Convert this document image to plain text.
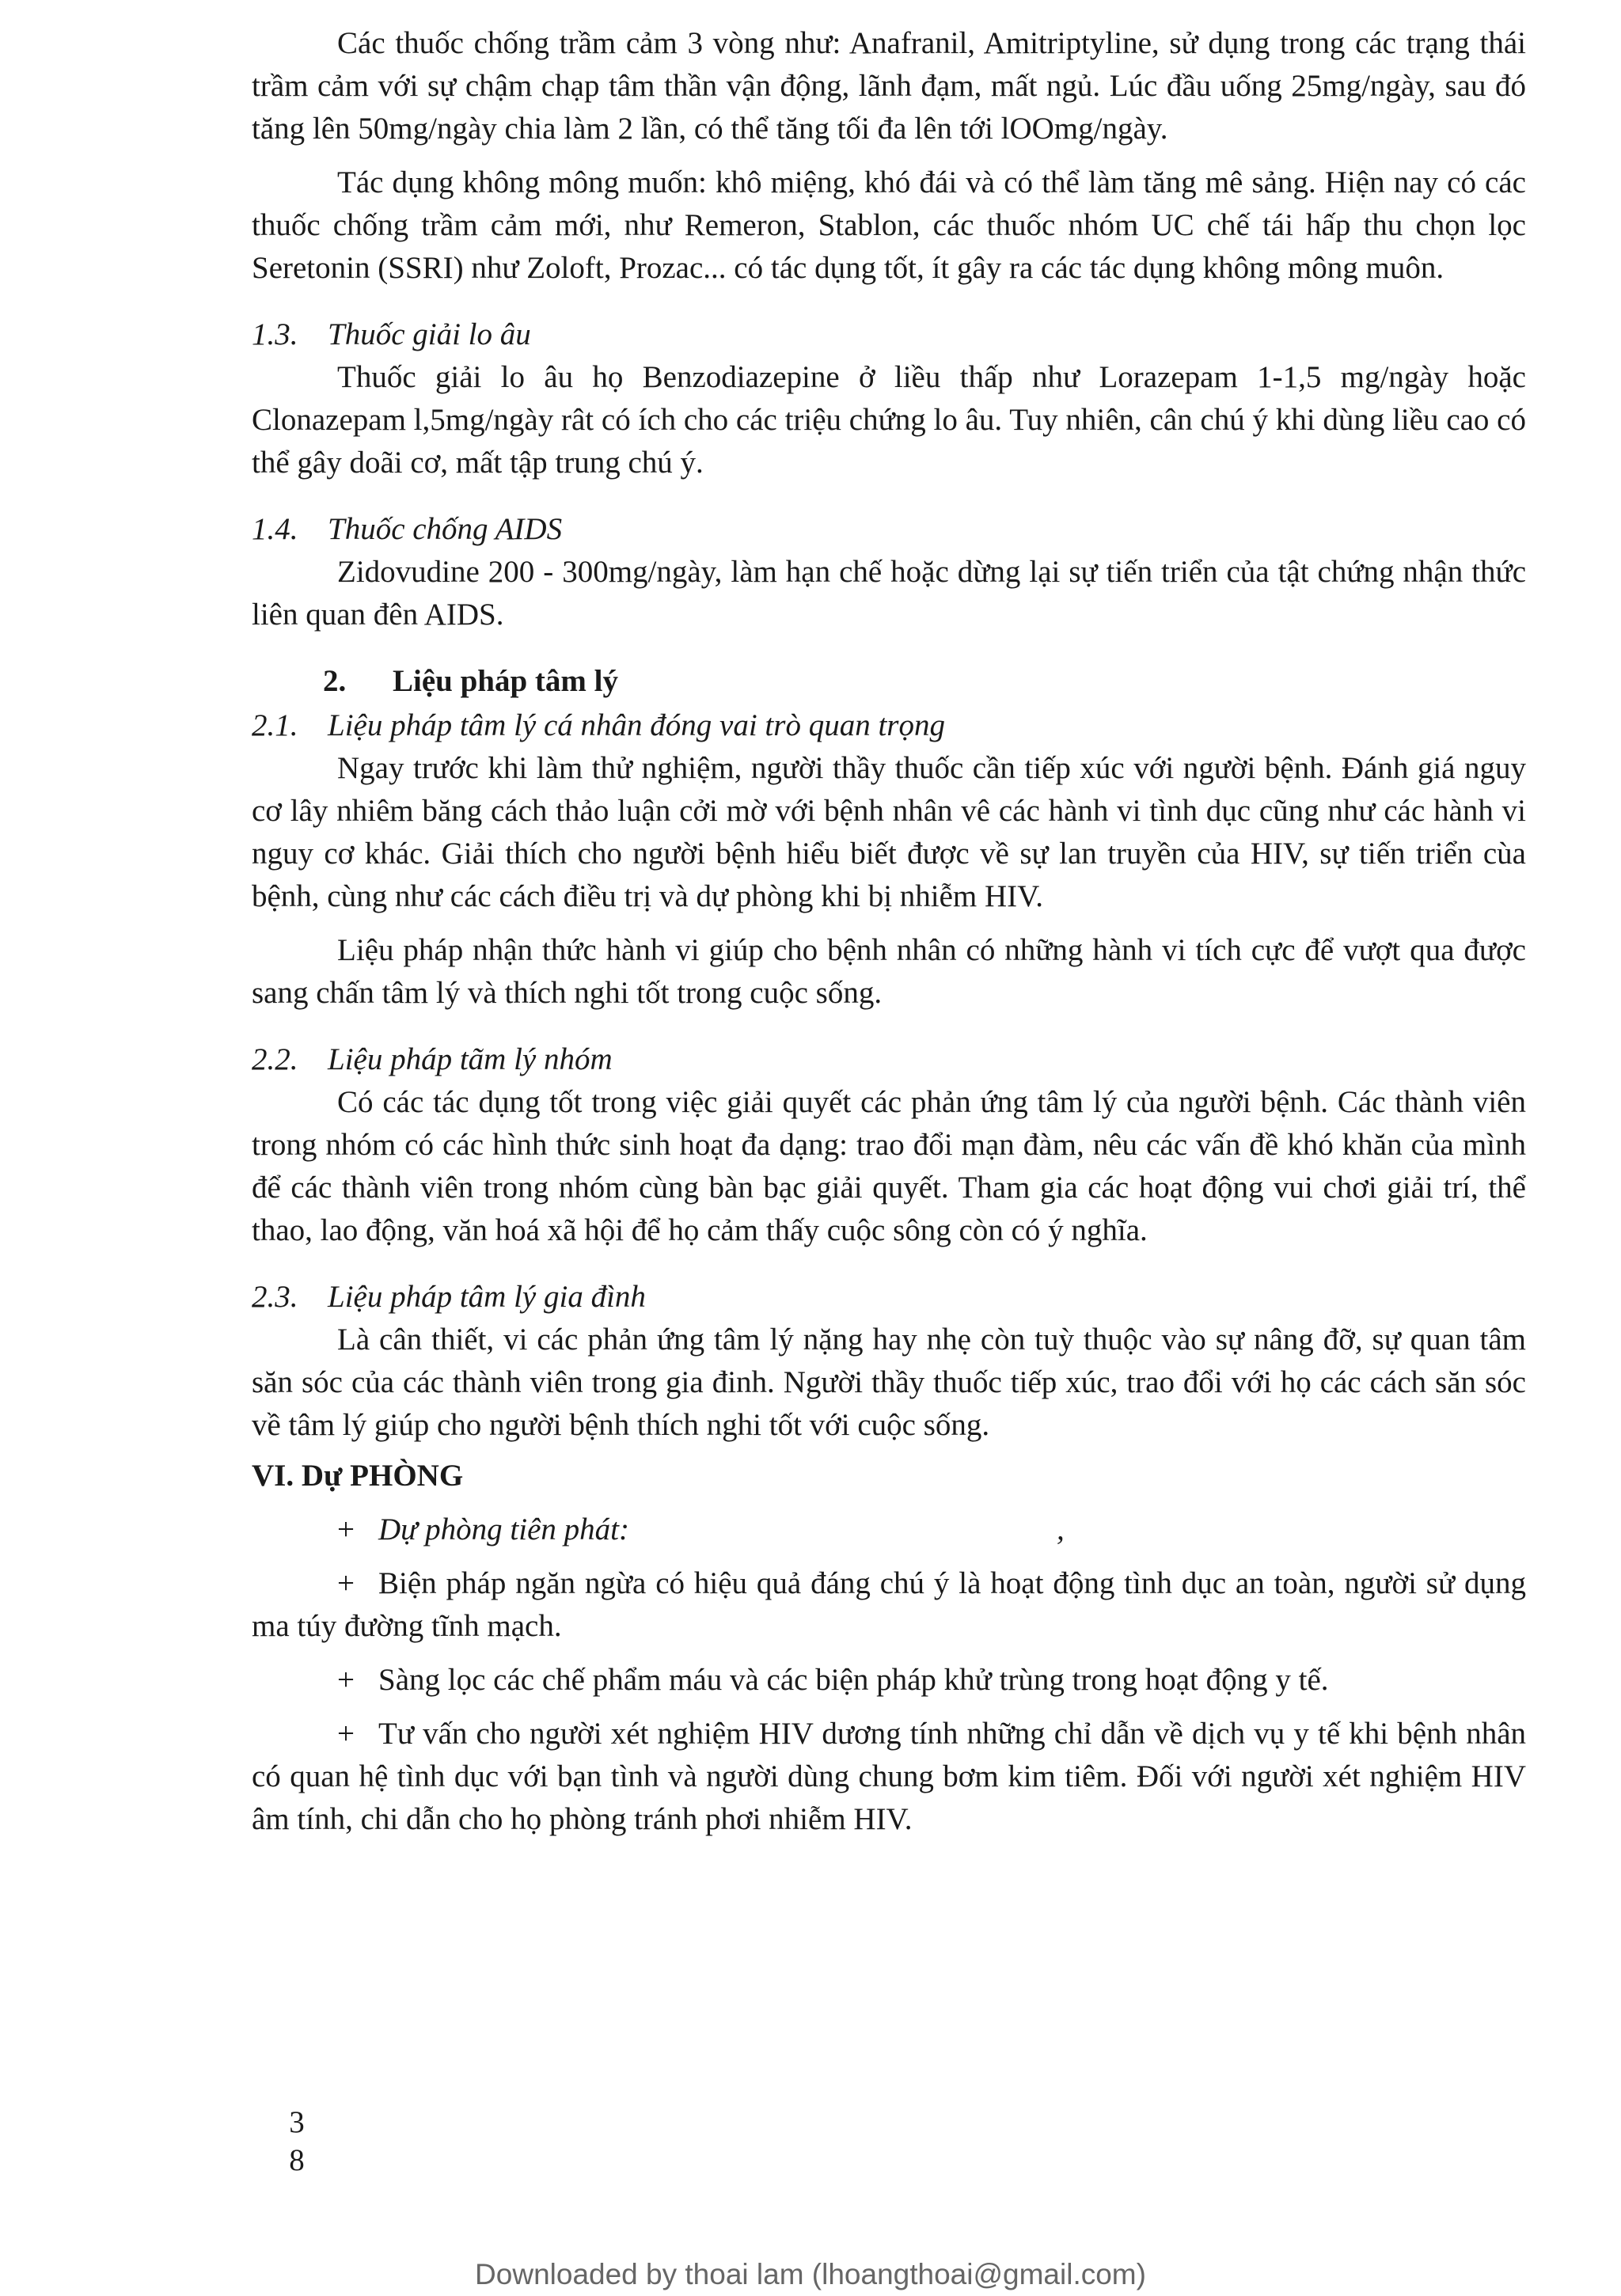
Các thuốc chống trầm cảm 3 vòng như: Anafranil, Amitriptyline, sử dụng trong các trạng thái trầm cảm với sự chậm chạp tâm thần vận động, lãnh đạm, mất ngủ. Lúc đầu uống 25mg/ngày, sau đó tăng lên 50mg/ngày chia làm 2 lần, có thể tăng tối đa lên tới lOOmg/ngày.

Tác dụng không mông muốn: khô miệng, khó đái và có thể làm tăng mê sảng. Hiện nay có các thuốc chống trầm cảm mới, như Remeron, Stablon, các thuốc nhóm UC chế tái hấp thu chọn lọc Seretonin (SSRI) như Zoloft, Prozac... có tác dụng tốt, ít gây ra các tác dụng không mông muôn.

1.3. Thuốc giải lo âu

Thuốc giải lo âu họ Benzodiazepine ở liều thấp như Lorazepam 1-1,5 mg/ngày hoặc Clonazepam l,5mg/ngày rât có ích cho các triệu chứng lo âu. Tuy nhiên, cân chú ý khi dùng liều cao có thể gây doãi cơ, mất tập trung chú ý.

1.4. Thuốc chống AIDS

Zidovudine 200 - 300mg/ngày, làm hạn chế hoặc dừng lại sự tiến triển của tật chứng nhận thức liên quan đên AIDS.

2. Liệu pháp tâm lý

2.1. Liệu pháp tâm lý cá nhân đóng vai trò quan trọng

Ngay trước khi làm thử nghiệm, người thầy thuốc cần tiếp xúc với người bệnh. Đánh giá nguy cơ lây nhiêm băng cách thảo luận cởi mờ với bệnh nhân vê các hành vi tình dục cũng như các hành vi nguy cơ khác. Giải thích cho người bệnh hiểu biết được về sự lan truyền của HIV, sự tiến triển cùa bệnh, cùng như các cách điều trị và dự phòng khi bị nhiễm HIV.

Liệu pháp nhận thức hành vi giúp cho bệnh nhân có những hành vi tích cực để vượt qua được sang chấn tâm lý và thích nghi tốt trong cuộc sống.

2.2. Liệu pháp tãm lý nhóm

Có các tác dụng tốt trong việc giải quyết các phản ứng tâm lý của người bệnh. Các thành viên trong nhóm có các hình thức sinh hoạt đa dạng: trao đổi mạn đàm, nêu các vấn đề khó khăn của mình để các thành viên trong nhóm cùng bàn bạc giải quyết. Tham gia các hoạt động vui chơi giải trí, thể thao, lao động, văn hoá xã hội để họ cảm thấy cuộc sông còn có ý nghĩa.

2.3. Liệu pháp tâm lý gia đình

Là cân thiết, vi các phản ứng tâm lý nặng hay nhẹ còn tuỳ thuộc vào sự nâng đỡ, sự quan tâm săn sóc của các thành viên trong gia đinh. Người thầy thuốc tiếp xúc, trao đổi với họ các cách săn sóc về tâm lý giúp cho người bệnh thích nghi tốt với cuộc sống.

VI. Dự PHÒNG

+ Dự phòng tiên phát:	,

+ Biện pháp ngăn ngừa có hiệu quả đáng chú ý là hoạt động tình dục an toàn, người sử dụng ma túy đường tĩnh mạch.

+ Sàng lọc các chế phẩm máu và các biện pháp khử trùng trong hoạt động y tế.

+ Tư vấn cho người xét nghiệm HIV dương tính những chỉ dẫn về dịch vụ y tế khi bệnh nhân có quan hệ tình dục với bạn tình và người dùng chung bơm kim tiêm. Đối với người xét nghiệm HIV âm tính, chi dẫn cho họ phòng tránh phơi nhiễm HIV.

3
8
Downloaded by thoai lam (lhoangthoai@gmail.com)
